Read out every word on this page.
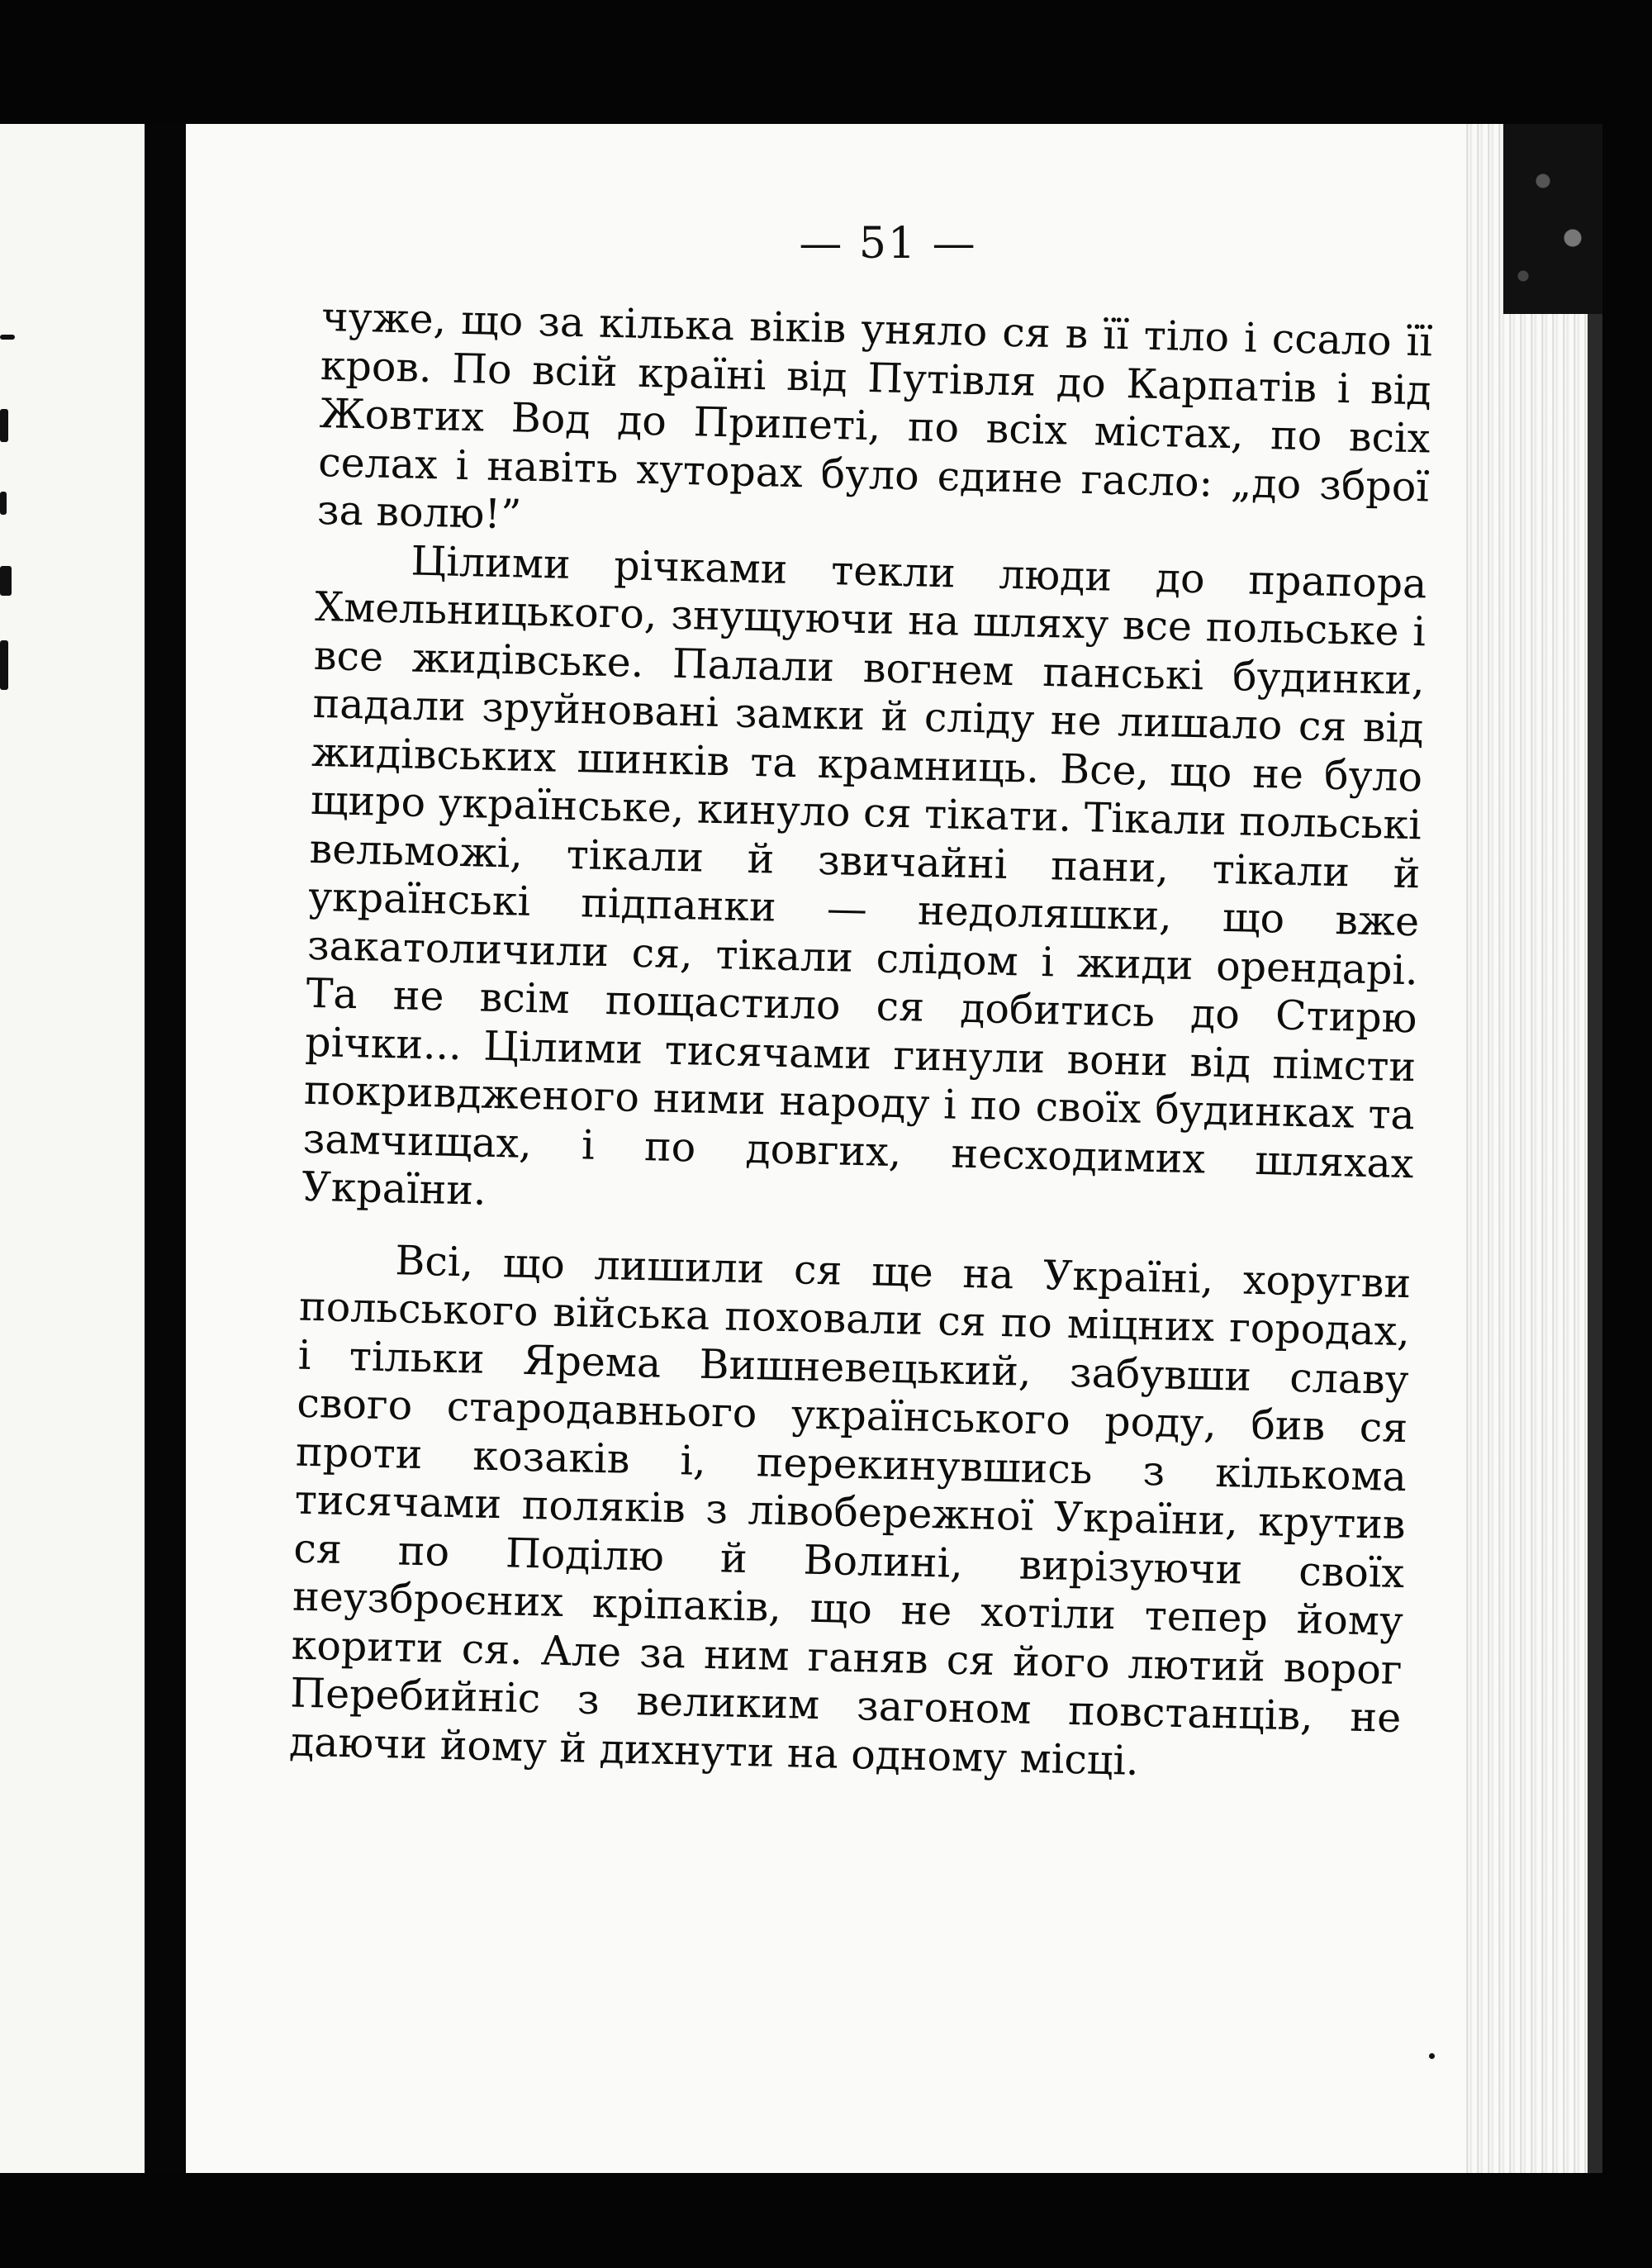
— 51 —

чуже, що за кілька віків уняло ся в її тіло і ссало її кров. По всій країні від Путівля до Карпатів і від Жовтих Вод до Припеті, по всіх містах, по всіх селах і навіть хуторах було єдине гасло: „до зброї за волю!”

Цілими річками текли люди до прапора Хмельницького, знущуючи на шляху все польське і все жидівське. Палали вогнем панські будинки, падали зруйновані замки й сліду не лишало ся від жидівських шинків та крамниць. Все, що не було щиро українське, кинуло ся тікати. Тікали польські вельможі, тікали й звичайні пани, тікали й українські підпанки — недоляшки, що вже закатоличили ся, тікали слідом і жиди орендарі. Та не всім пощастило ся добитись до Стирю річки... Цілими тисячами гинули вони від пімсти покривдженого ними народу і по своїх будинках та замчищах, і по довгих, несходимих шляхах України.

Всі, що лишили ся ще на Україні, хоругви польського війська поховали ся по міцних городах, і тільки Ярема Вишневецький, забувши славу свого стародавнього українського роду, бив ся проти козаків і, перекинувшись з кількома тисячами поляків з лівобережної України, крутив ся по Поділю й Волині, вирізуючи своїх неузброєних кріпаків, що не хотіли тепер йому корити ся. Але за ним ганяв ся його лютий ворог Перебийніс з великим загоном повстанців, не даючи йому й дихнути на одному місці.
